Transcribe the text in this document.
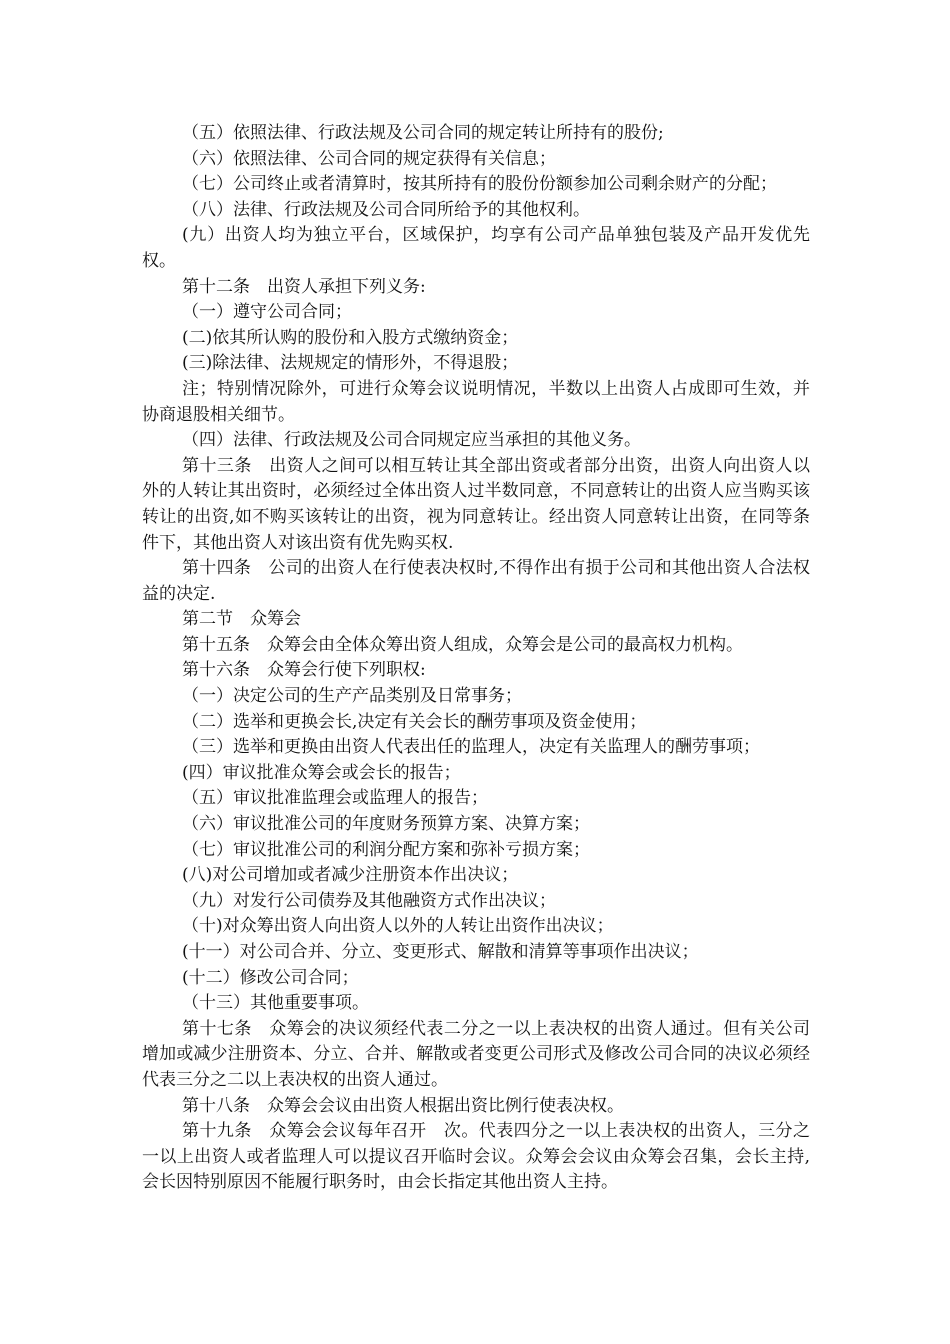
（五）依照法律、行政法规及公司合同的规定转让所持有的股份;

（六）依照法律、公司合同的规定获得有关信息；

（七）公司终止或者清算时，按其所持有的股份份额参加公司剩余财产的分配；

（八）法律、行政法规及公司合同所给予的其他权利。

(九）出资人均为独立平台，区域保护，均享有公司产品单独包装及产品开发优先权。

第十二条　出资人承担下列义务:

（一）遵守公司合同；

(二)依其所认购的股份和入股方式缴纳资金；

(三)除法律、法规规定的情形外，不得退股；

注；特别情况除外，可进行众筹会议说明情况，半数以上出资人占成即可生效，并协商退股相关细节。

（四）法律、行政法规及公司合同规定应当承担的其他义务。

第十三条　出资人之间可以相互转让其全部出资或者部分出资，出资人向出资人以外的人转让其出资时，必须经过全体出资人过半数同意，不同意转让的出资人应当购买该转让的出资,如不购买该转让的出资，视为同意转让。经出资人同意转让出资，在同等条件下，其他出资人对该出资有优先购买权.

第十四条　公司的出资人在行使表决权时,不得作出有损于公司和其他出资人合法权益的决定.

第二节　众筹会

第十五条　众筹会由全体众筹出资人组成，众筹会是公司的最高权力机构。

第十六条　众筹会行使下列职权:

（一）决定公司的生产产品类别及日常事务；

（二）选举和更换会长,决定有关会长的酬劳事项及资金使用；

（三）选举和更换由出资人代表出任的监理人，决定有关监理人的酬劳事项；

(四）审议批准众筹会或会长的报告；

（五）审议批准监理会或监理人的报告；

（六）审议批准公司的年度财务预算方案、决算方案；

（七）审议批准公司的利润分配方案和弥补亏损方案；

(八)对公司增加或者减少注册资本作出决议；

（九）对发行公司债券及其他融资方式作出决议；

（十)对众筹出资人向出资人以外的人转让出资作出决议；

(十一）对公司合并、分立、变更形式、解散和清算等事项作出决议；

(十二）修改公司合同；

（十三）其他重要事项。

第十七条　众筹会的决议须经代表二分之一以上表决权的出资人通过。但有关公司增加或减少注册资本、分立、合并、解散或者变更公司形式及修改公司合同的决议必须经代表三分之二以上表决权的出资人通过。

第十八条　众筹会会议由出资人根据出资比例行使表决权。

第十九条　众筹会会议每年召开　次。代表四分之一以上表决权的出资人，三分之一以上出资人或者监理人可以提议召开临时会议。众筹会会议由众筹会召集，会长主持,会长因特别原因不能履行职务时，由会长指定其他出资人主持。
